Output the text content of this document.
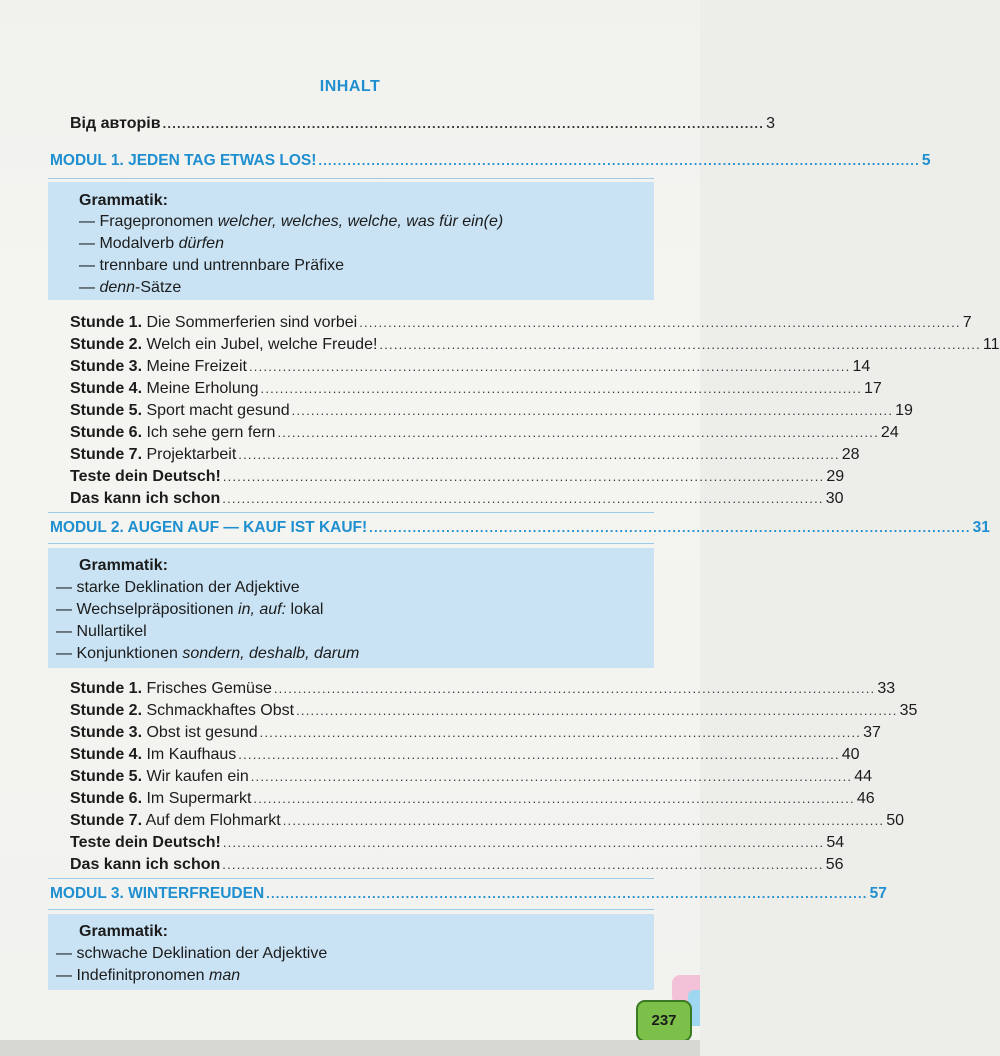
INHALT
Від авторів ............................................................................................................................. 3
MODUL 1. JEDEN TAG ETWAS LOS! ............................................................................................................................. 5
Grammatik:
— Fragepronomen welcher, welches, welche, was für ein(e)
— Modalverb dürfen
— trennbare und untrennbare Präfixe
— denn-Sätze
Stunde 1. Die Sommerferien sind vorbei ............................................................................................................................. 7
Stunde 2. Welch ein Jubel, welche Freude! ............................................................................................................................. 11
Stunde 3. Meine Freizeit ............................................................................................................................. 14
Stunde 4. Meine Erholung ............................................................................................................................. 17
Stunde 5. Sport macht gesund ............................................................................................................................. 19
Stunde 6. Ich sehe gern fern ............................................................................................................................. 24
Stunde 7. Projektarbeit ............................................................................................................................. 28
Teste dein Deutsch! ............................................................................................................................. 29
Das kann ich schon ............................................................................................................................. 30
MODUL 2. AUGEN AUF — KAUF IST KAUF! ............................................................................................................................. 31
Grammatik:
— starke Deklination der Adjektive
— Wechselpräpositionen in, auf: lokal
— Nullartikel
— Konjunktionen sondern, deshalb, darum
Stunde 1. Frisches Gemüse ............................................................................................................................. 33
Stunde 2. Schmackhaftes Obst ............................................................................................................................. 35
Stunde 3. Obst ist gesund ............................................................................................................................. 37
Stunde 4. Im Kaufhaus ............................................................................................................................. 40
Stunde 5. Wir kaufen ein ............................................................................................................................. 44
Stunde 6. Im Supermarkt ............................................................................................................................. 46
Stunde 7. Auf dem Flohmarkt ............................................................................................................................. 50
Teste dein Deutsch! ............................................................................................................................. 54
Das kann ich schon ............................................................................................................................. 56
MODUL 3. WINTERFREUDEN ............................................................................................................................. 57
Grammatik:
— schwache Deklination der Adjektive
— Indefinitpronomen man
237
